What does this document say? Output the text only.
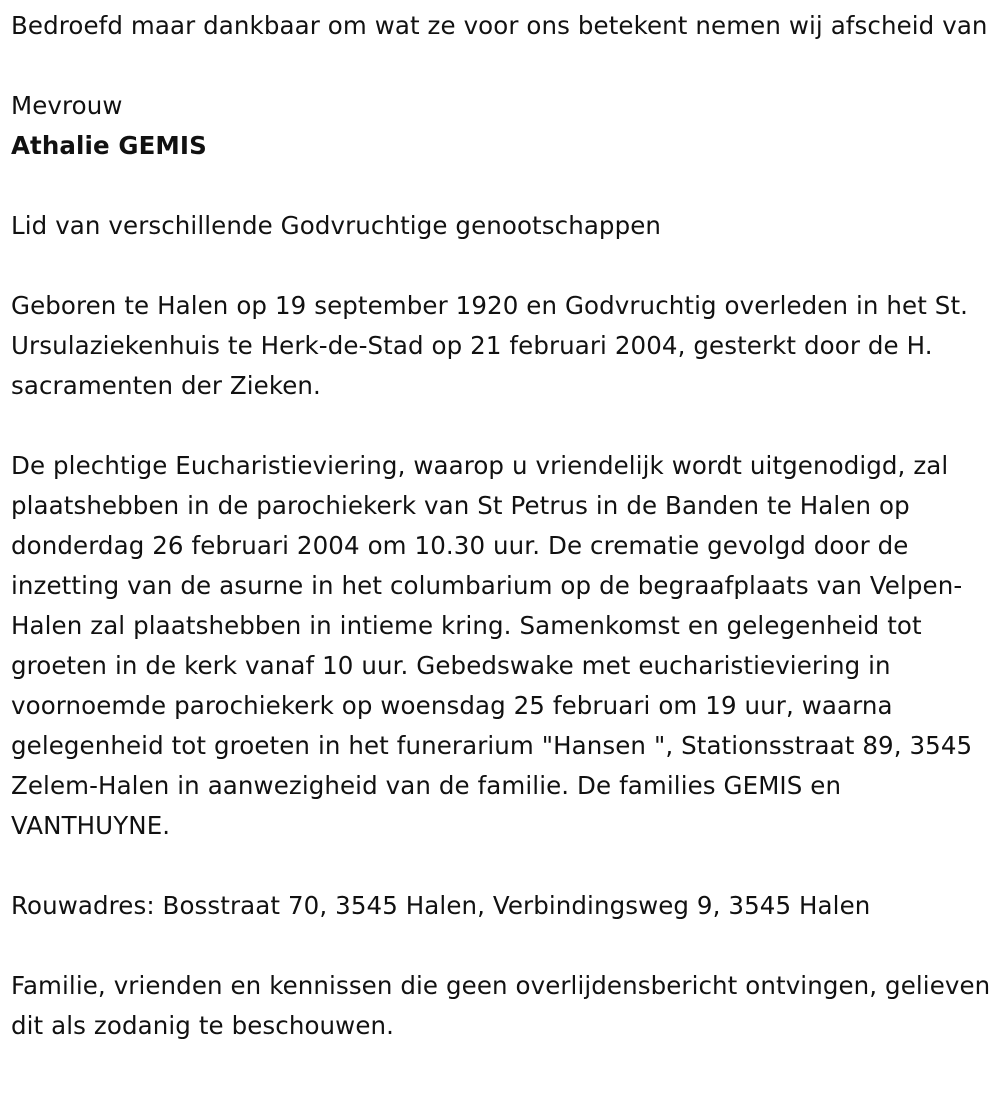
Bedroefd maar dankbaar om wat ze voor ons betekent nemen wij afscheid van

Mevrouw

Athalie GEMIS

Lid van verschillende Godvruchtige genootschappen

Geboren te Halen op 19 september 1920 en Godvruchtig overleden in het St. Ursulaziekenhuis te Herk-de-Stad op 21 februari 2004, gesterkt door de H. sacramenten der Zieken.

De plechtige Eucharistieviering, waarop u vriendelijk wordt uitgenodigd, zal plaatshebben in de parochiekerk van St Petrus in de Banden te Halen op donderdag 26 februari 2004 om 10.30 uur. De crematie gevolgd door de inzetting van de asurne in het columbarium op de begraafplaats van Velpen-Halen zal plaatshebben in intieme kring. Samenkomst en gelegenheid tot groeten in de kerk vanaf 10 uur. Gebedswake met eucharistieviering in voornoemde parochiekerk op woensdag 25 februari om 19 uur, waarna gelegenheid tot groeten in het funerarium "Hansen ", Stationsstraat 89, 3545 Zelem-Halen in aanwezigheid van de familie. De families GEMIS en VANTHUYNE.

Rouwadres: Bosstraat 70, 3545 Halen, Verbindingsweg 9, 3545 Halen

Familie, vrienden en kennissen die geen overlijdensbericht ontvingen, gelieven dit als zodanig te beschouwen.
